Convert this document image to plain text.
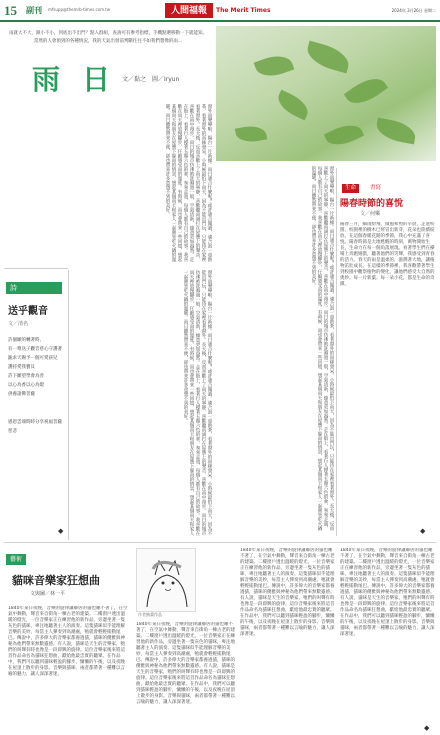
15 副刊 mfsupp@themrb-times.com.tw	人間福報	The Merit Times	2024年 3月26日 星期二

雨就大不大，跟小不小，到底出不出門？點入群組，查詢可有參考指標，手機點選移動一下就能知。當然的人會預到的各種情況，我的天氣出發前判斷往往不如我們想像的雨...

雨日
文／黏之　圖／Iryun
窗外雨聲嘩啦，陽台一片新綠。雨日適合什麼呢？或許適合閱讀，適合泡一壺熱茶，看著窗外的雨絲發呆。小時候最怕下雨天，因為不能出門玩，只能待在家裡看著窗外。長大後，反而喜歡上了雨天的寧靜，喜歡聽雨滴打在屋簷上的聲音，喜歡在雨中漫步。雨日的城市彷彿被洗滌過一般，空氣清新，綠意更加盎然。走在街上，看著行人撐著五顏六色的傘，匆匆走過，每個人都有自己的故事。我喜歡在雨天裡放慢腳步，仔細感受雨的溫度。有時候，雨也會帶來一些回憶，想起某個雨天和朋友在屋簷下躲雨的情景，想起某個雨天和家人一起圍坐吃火鍋的溫暖。雨日雖然帶來不便，卻也帶來許多意想不到的美好。
窗外雨聲嘩啦，陽台一片新綠。雨日適合什麼呢？或許適合閱讀，適合泡一壺熱茶，看著窗外的雨絲發呆。小時候最怕下雨天，因為不能出門玩，只能待在家裡看著窗外。長大後，反而喜歡上了雨天的寧靜，喜歡聽雨滴打在屋簷上的聲音，喜歡在雨中漫步。雨日的城市彷彿被洗滌過一般，空氣清新，綠意更加盎然。走在街上，看著行人撐著五顏六色的傘，匆匆走過，每個人都有自己的故事。我喜歡在雨天裡放慢腳步，仔細感受雨的溫度。有時候，雨也會帶來一些回憶，想起某個雨天和朋友在屋簷下躲雨的情景，想起某個雨天和家人一起圍坐吃火鍋的溫暖。雨日雖然帶來不便，卻也帶來許多意想不到的美好。
窗外雨聲嘩啦，陽台一片新綠。雨日適合什麼呢？或許適合閱讀，適合泡一壺熱茶，看著窗外的雨絲發呆。小時候最怕下雨天，因為不能出門玩，只能待在家裡看著窗外。長大後，反而喜歡上了雨天的寧靜，喜歡聽雨滴打在屋簷上的聲音，喜歡在雨中漫步。雨日的城市彷彿被洗滌過一般，空氣清新，綠意更加盎然。走在街上，看著行人撐著五顏六色的傘，匆匆走過，每個人都有自己的故事。我喜歡在雨天裡放慢腳步，仔細感受雨的溫度。有時候，雨也會帶來一些回憶，想起某個雨天和朋友在屋簷下躲雨的情景，想起某個雨天和家人一起圍坐吃火鍋的溫暖。雨日雖然帶來不便，卻也帶來許多意想不到的美好。
詩
送乎觀音
文／清名
許個願的轉著時，
有一尊送子觀音慈心守護著
跪求天賜予一個可愛孩兒
護持愛我寶貝
許下願望學會為善
以心為香以心為燈
供養諸佛菩薩
感恩雲端時時分享祝福菩薩慈悲
生命	書寫
陽春時節的喜悅
文／何樂
陽春三月，細雨紛飛，微風和煦的早晨，走進校園，校園裡的樹木已經冒出新芽，花朵也陸續綻放。在這個春暖花開的季節，我心中充滿了喜悅。陽春時節是大地甦醒的時刻，萬物開始生長，生命力在每一個角落展現。看著學生們在操場上奔跑嬉戲，聽著他們的笑聲，我感受到青春的活力。春天的雨是溫柔的，滋潤著大地，讓植物茁壯成長。在這樣的季節裡，我喜歡帶著學生到校園中觀察植物的變化，讓他們感受大自然的奧妙。每一片新葉、每一朵小花，都是生命的奇蹟。
◆
◆
◆
藝術
貓咪音樂家狂想曲
文與圖／林一平
作者繪畫作品
1840年某日夜晚，音樂的旋律讓鄰居的貓也睡不著了，在空氣中舞動，聲音來自街角一棟古老的建築。二樓窗戶透出溫暖的燈光，一位音樂家正在練習他的新作品，旁邊坐著一隻灰色的貓咪，專注地聽著主人的演奏。這隻貓咪似乎能理解音樂的美妙，每當主人彈奏到高潮處，牠就會輕輕搖動尾巴。傳說中，許多偉大的音樂家都養過貓，貓咪的優雅與神秘為他們帶來無數靈感。有人說，貓咪是天生的音樂家，牠們的叫聲有時也像是一段即興的旋律。這位音樂家後來將這首作品命名為貓咪狂想曲，獻給他最忠實的聽眾。在作品中，我們可以聽到貓咪輕盈的腳步，慵懶的午後，以及夜晚在屋頂上散步的身影。音樂與貓咪，兩者都帶著一種難以言喻的魅力，讓人深深著迷。
1840年某日夜晚，音樂的旋律讓鄰居的貓也睡不著了，在空氣中舞動，聲音來自街角一棟古老的建築。二樓窗戶透出溫暖的燈光，一位音樂家正在練習他的新作品，旁邊坐著一隻灰色的貓咪，專注地聽著主人的演奏。這隻貓咪似乎能理解音樂的美妙，每當主人彈奏到高潮處，牠就會輕輕搖動尾巴。傳說中，許多偉大的音樂家都養過貓，貓咪的優雅與神秘為他們帶來無數靈感。有人說，貓咪是天生的音樂家，牠們的叫聲有時也像是一段即興的旋律。這位音樂家後來將這首作品命名為貓咪狂想曲，獻給他最忠實的聽眾。在作品中，我們可以聽到貓咪輕盈的腳步，慵懶的午後，以及夜晚在屋頂上散步的身影。音樂與貓咪，兩者都帶著一種難以言喻的魅力，讓人深深著迷。
1840年某日夜晚，音樂的旋律讓鄰居的貓也睡不著了，在空氣中舞動，聲音來自街角一棟古老的建築。二樓窗戶透出溫暖的燈光，一位音樂家正在練習他的新作品，旁邊坐著一隻灰色的貓咪，專注地聽著主人的演奏。這隻貓咪似乎能理解音樂的美妙，每當主人彈奏到高潮處，牠就會輕輕搖動尾巴。傳說中，許多偉大的音樂家都養過貓，貓咪的優雅與神秘為他們帶來無數靈感。有人說，貓咪是天生的音樂家，牠們的叫聲有時也像是一段即興的旋律。這位音樂家後來將這首作品命名為貓咪狂想曲，獻給他最忠實的聽眾。在作品中，我們可以聽到貓咪輕盈的腳步，慵懶的午後，以及夜晚在屋頂上散步的身影。音樂與貓咪，兩者都帶著一種難以言喻的魅力，讓人深深著迷。
1840年某日夜晚，音樂的旋律讓鄰居的貓也睡不著了，在空氣中舞動，聲音來自街角一棟古老的建築。二樓窗戶透出溫暖的燈光，一位音樂家正在練習他的新作品，旁邊坐著一隻灰色的貓咪，專注地聽著主人的演奏。這隻貓咪似乎能理解音樂的美妙，每當主人彈奏到高潮處，牠就會輕輕搖動尾巴。傳說中，許多偉大的音樂家都養過貓，貓咪的優雅與神秘為他們帶來無數靈感。有人說，貓咪是天生的音樂家，牠們的叫聲有時也像是一段即興的旋律。這位音樂家後來將這首作品命名為貓咪狂想曲，獻給他最忠實的聽眾。在作品中，我們可以聽到貓咪輕盈的腳步，慵懶的午後，以及夜晚在屋頂上散步的身影。音樂與貓咪，兩者都帶著一種難以言喻的魅力，讓人深深著迷。
